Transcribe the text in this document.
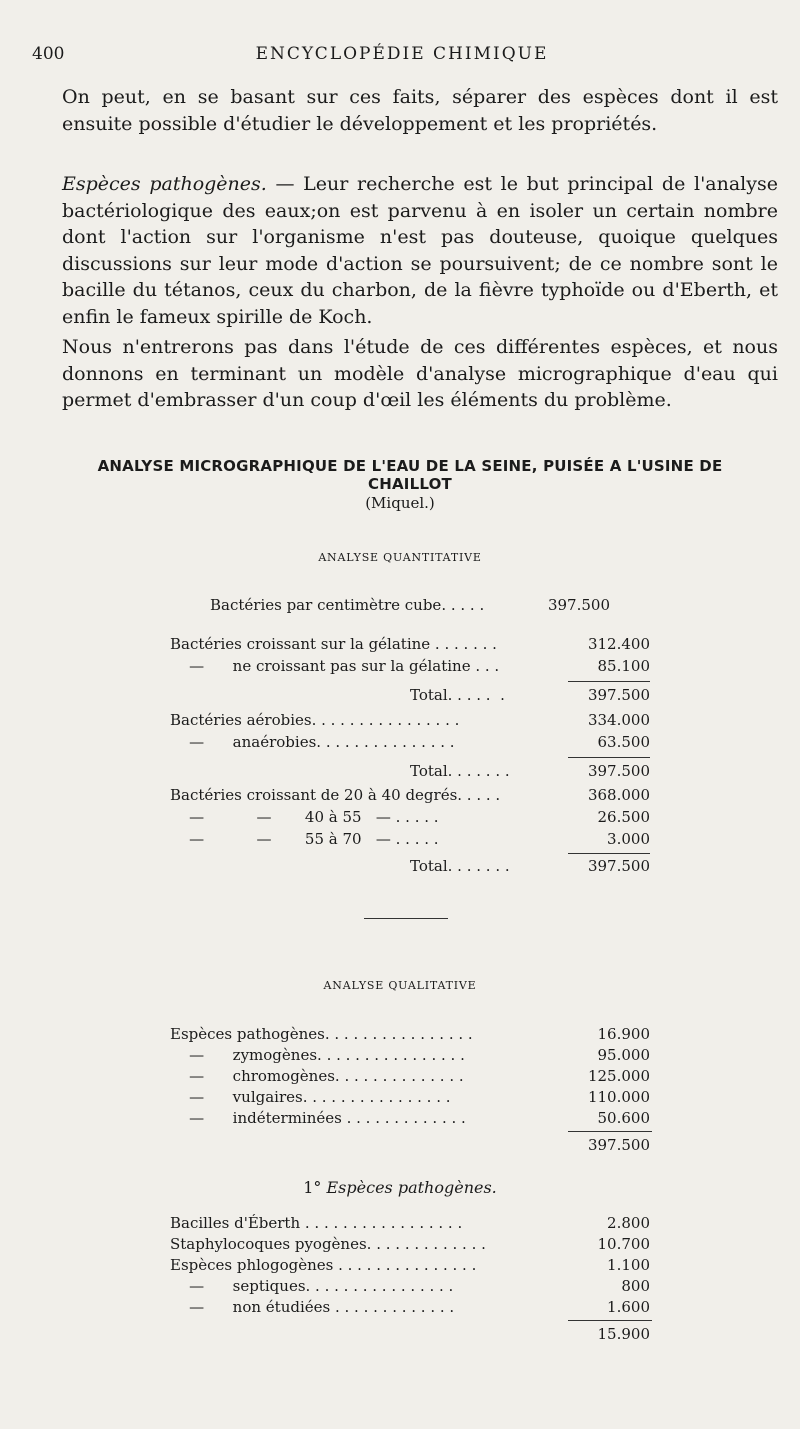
400	ENCYCLOPÉDIE CHIMIQUE
On peut, en se basant sur ces faits, séparer des espèces dont il est ensuite possible d'étudier le développement et les propriétés.
Espèces pathogènes. — Leur recherche est le but principal de l'analyse bactériologique des eaux;on est parvenu à en isoler un certain nombre dont l'action sur l'organisme n'est pas douteuse, quoique quelques discussions sur leur mode d'action se poursuivent; de ce nombre sont le bacille du tétanos, ceux du charbon, de la fièvre typhoïde ou d'Eberth, et enfin le fameux spirille de Koch.
Nous n'entrerons pas dans l'étude de ces différentes espèces, et nous donnons en terminant un modèle d'analyse micrographique d'eau qui permet d'embrasser d'un coup d'œil les éléments du problème.
ANALYSE MICROGRAPHIQUE DE L'EAU DE LA SEINE, PUISÉE A L'USINE DE CHAILLOT
(Miquel.)
ANALYSE QUANTITATIVE
Bactéries par centimètre cube. . . . .	397.500
Bactéries croissant sur la gélatine . . . . . . .	312.400
—      ne croissant pas sur la gélatine . . .	85.100
Total. . . . .  .	397.500
Bactéries aérobies. . . . . . . . . . . . . . . .	334.000
—      anaérobies. . . . . . . . . . . . . . .	63.500
Total. . . . . . .	397.500
Bactéries croissant de 20 à 40 degrés. . . . .	368.000
—           —       40 à 55   — . . . . .	26.500
—           —       55 à 70   — . . . . .	3.000
Total. . . . . . .	397.500
ANALYSE QUALITATIVE
Espèces pathogènes. . . . . . . . . . . . . . . .	16.900
—      zymogènes. . . . . . . . . . . . . . . .	95.000
—      chromogènes. . . . . . . . . . . . . .	125.000
—      vulgaires. . . . . . . . . . . . . . . .	110.000
—      indéterminées . . . . . . . . . . . . .	50.600
397.500
1° Espèces pathogènes.
Bacilles d'Éberth . . . . . . . . . . . . . . . . .	2.800
Staphylocoques pyogènes. . . . . . . . . . . . .	10.700
Espèces phlogogènes . . . . . . . . . . . . . . .	1.100
—      septiques. . . . . . . . . . . . . . . .	800
—      non étudiées . . . . . . . . . . . . .	1.600
15.900
